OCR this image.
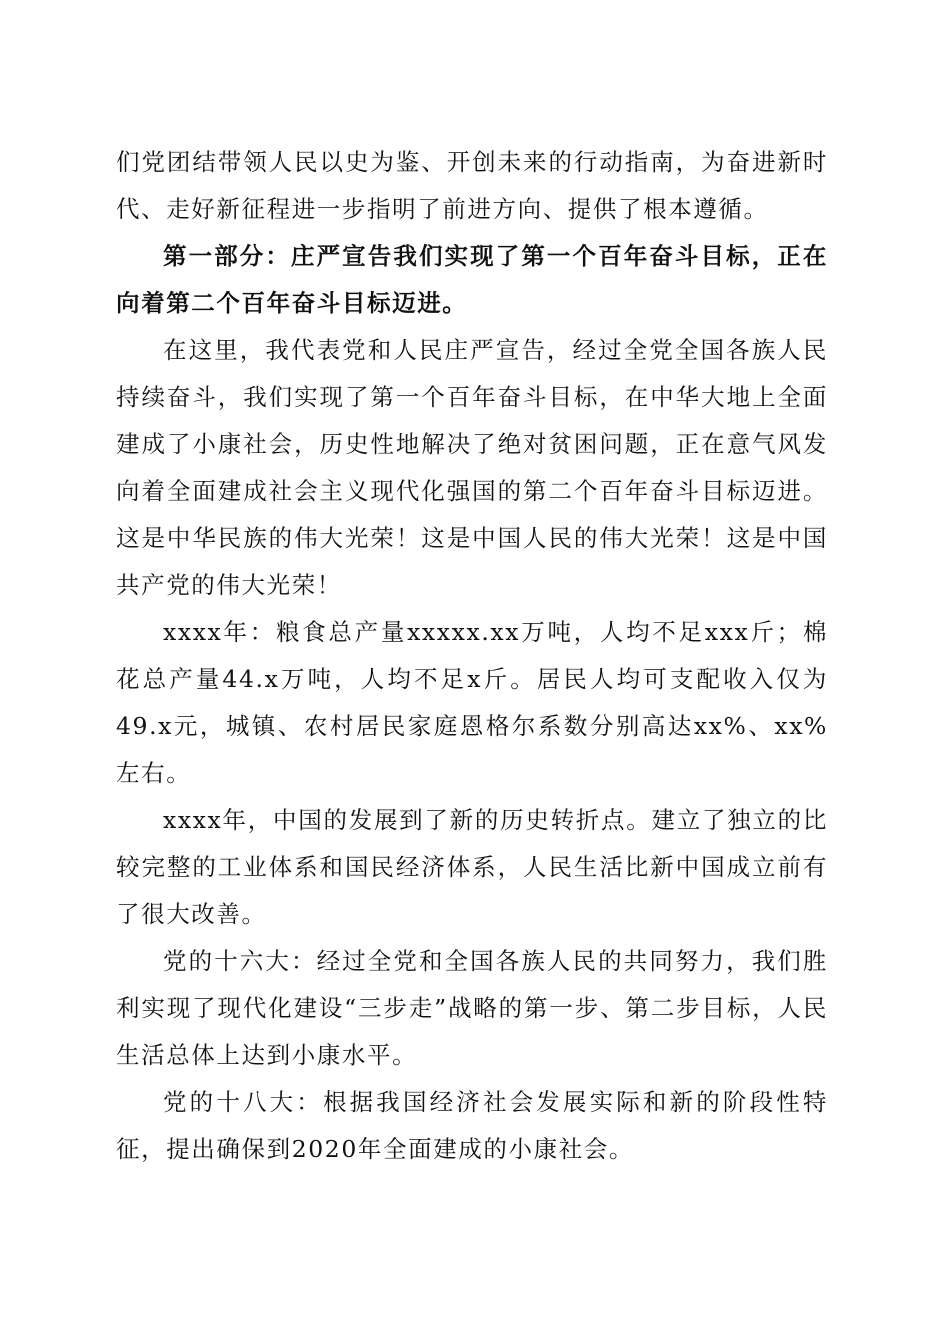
们党团结带领人民以史为鉴、开创未来的行动指南，为奋进新时代、走好新征程进一步指明了前进方向、提供了根本遵循。

第一部分：庄严宣告我们实现了第一个百年奋斗目标，正在向着第二个百年奋斗目标迈进。

在这里，我代表党和人民庄严宣告，经过全党全国各族人民持续奋斗，我们实现了第一个百年奋斗目标，在中华大地上全面建成了小康社会，历史性地解决了绝对贫困问题，正在意气风发向着全面建成社会主义现代化强国的第二个百年奋斗目标迈进。这是中华民族的伟大光荣！这是中国人民的伟大光荣！这是中国共产党的伟大光荣！

xxxx年：粮食总产量xxxxx.xx万吨，人均不足xxx斤；棉花总产量44.x万吨，人均不足x斤。居民人均可支配收入仅为49.x元，城镇、农村居民家庭恩格尔系数分别高达xx%、xx%左右。

xxxx年，中国的发展到了新的历史转折点。建立了独立的比较完整的工业体系和国民经济体系，人民生活比新中国成立前有了很大改善。

党的十六大：经过全党和全国各族人民的共同努力，我们胜利实现了现代化建设“三步走”战略的第一步、第二步目标，人民生活总体上达到小康水平。

党的十八大：根据我国经济社会发展实际和新的阶段性特征，提出确保到2020年全面建成的小康社会。
